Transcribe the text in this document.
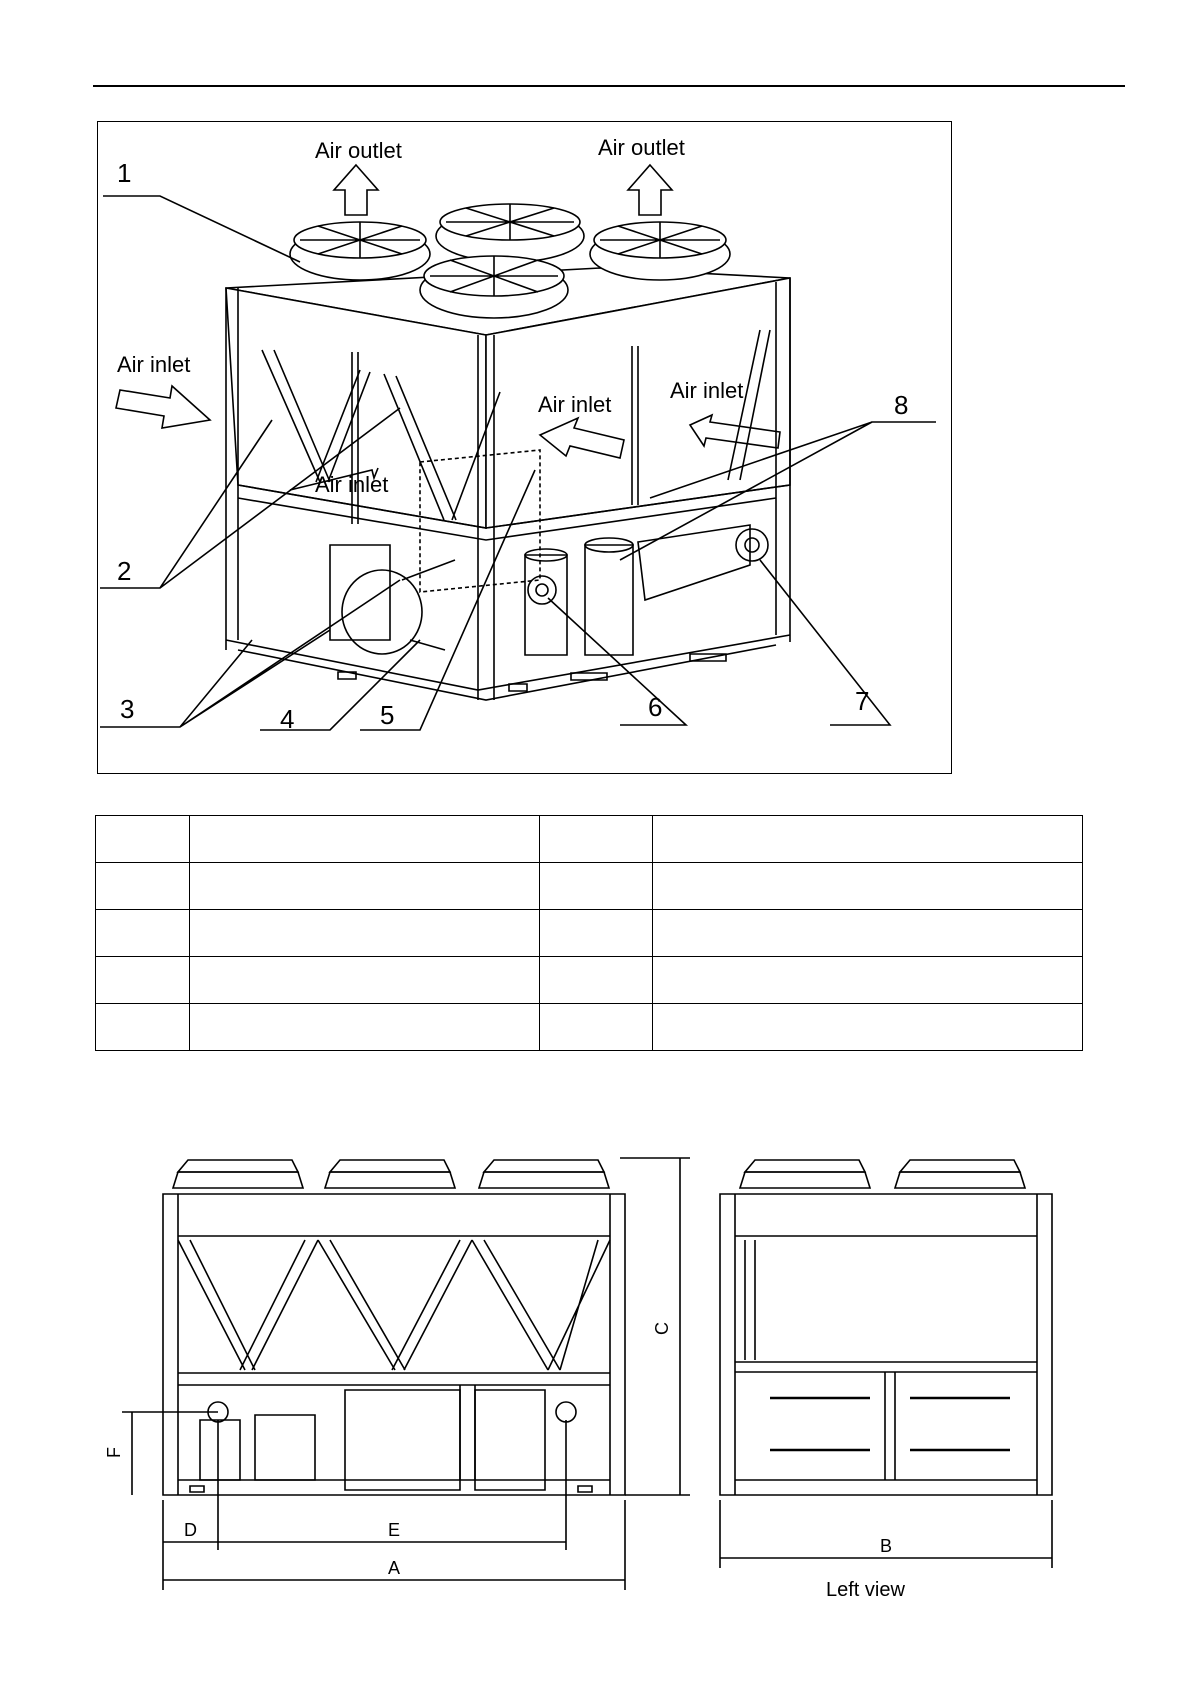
Air outlet	Air outlet
Air inlet
Air inlet
Air inlet
Air inlet
1
2
3	4	5	6	7
8

A
D	E
C
F
B
Left view
